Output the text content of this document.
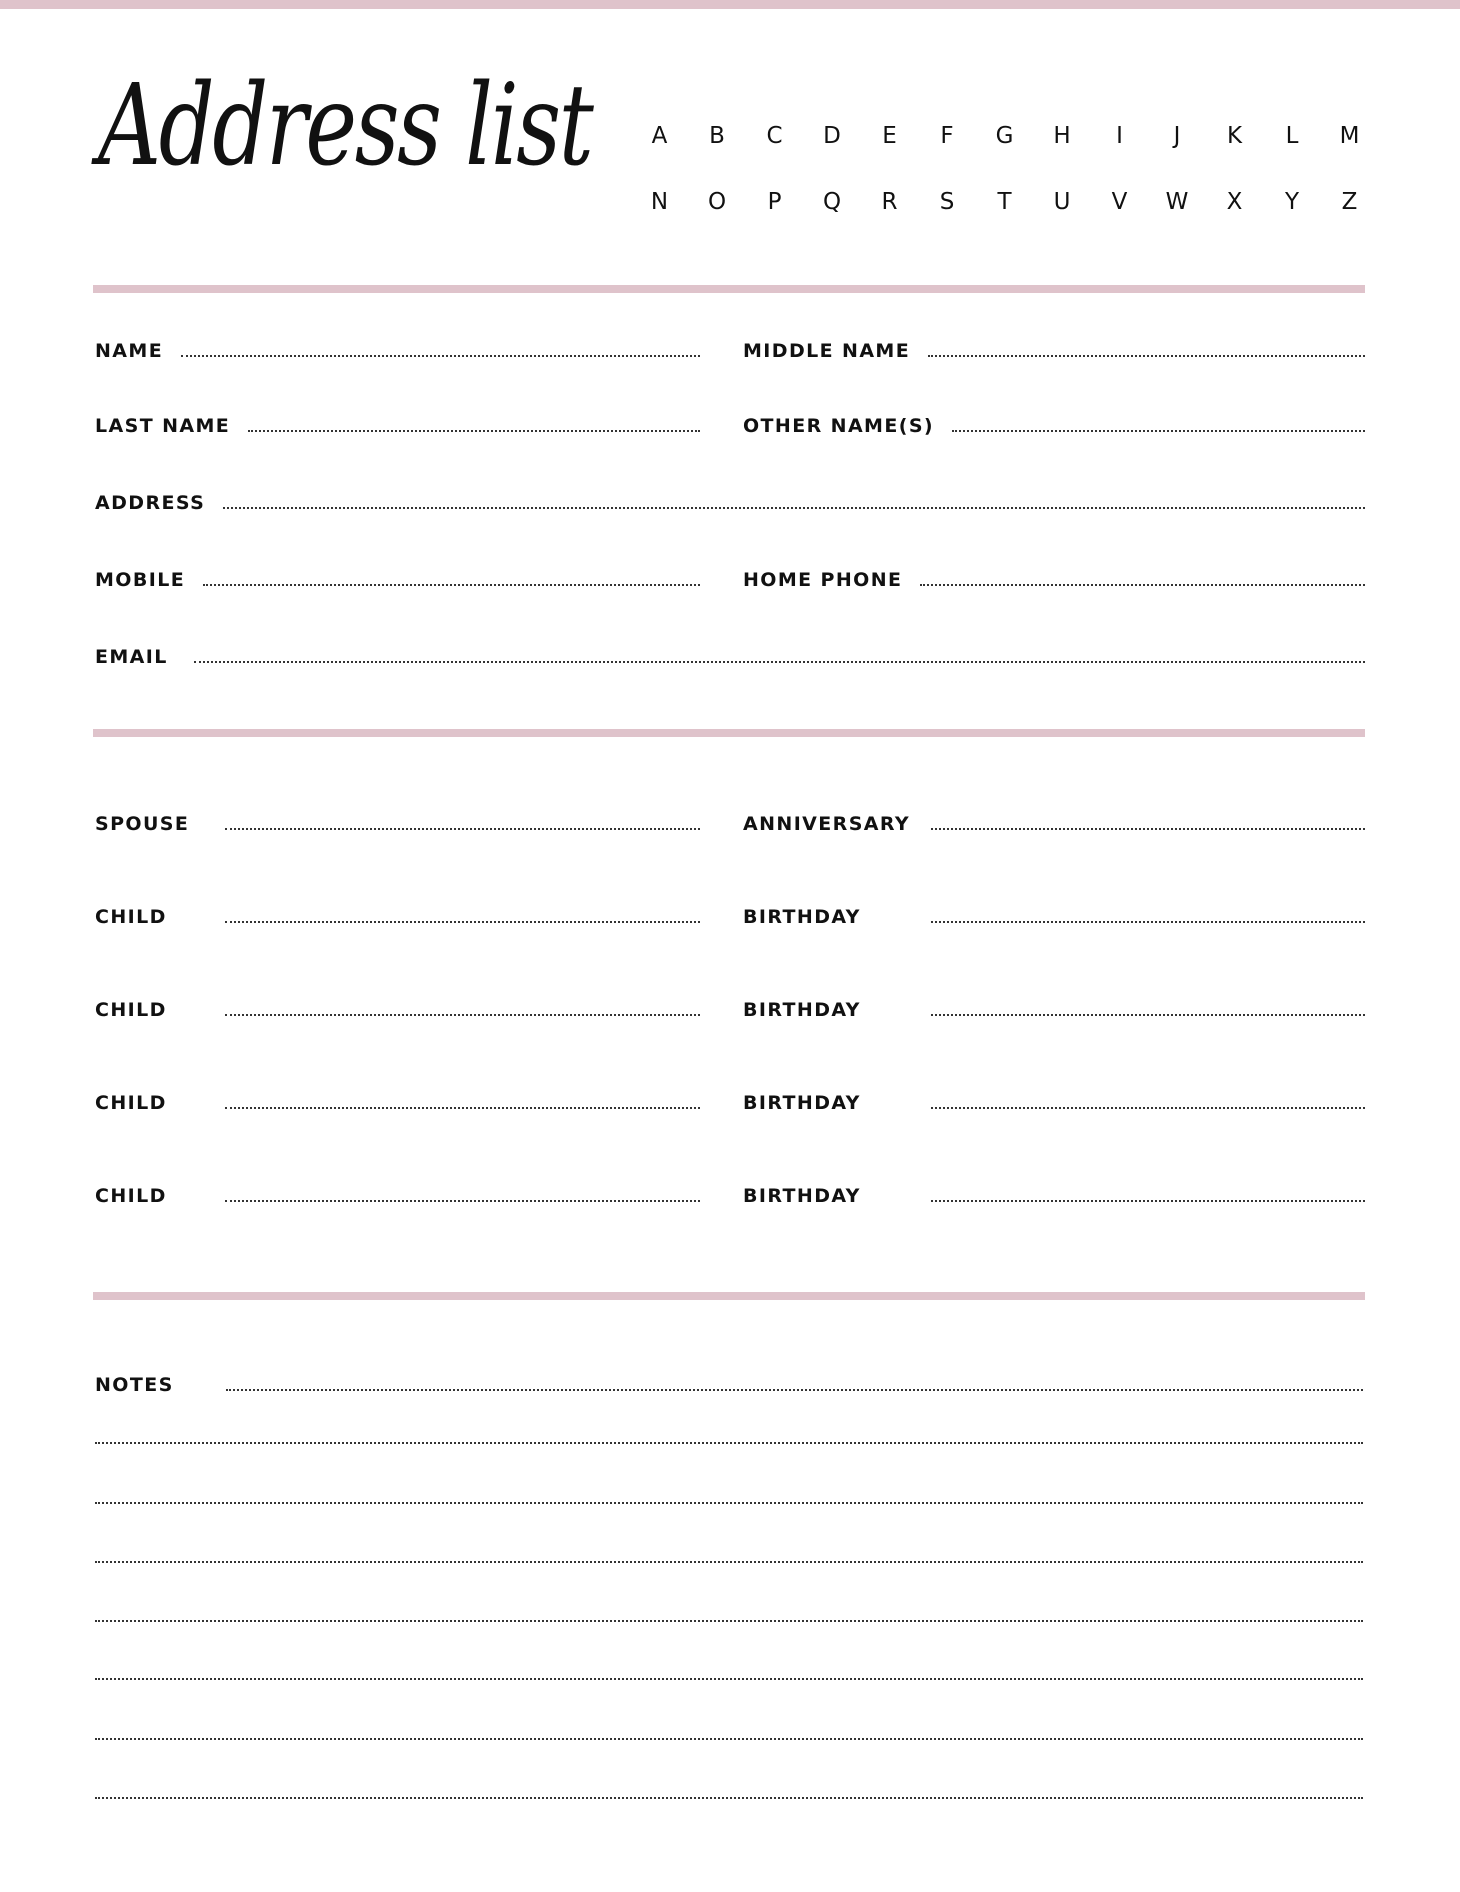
Address list	A	B	C	D	E	F	G	H	I	J	K	L	M
N	O	P	Q	R	S	T	U	V	W	X	Y	Z
NAME	MIDDLE NAME
LAST NAME	OTHER NAME(S)
ADDRESS
MOBILE	HOME PHONE
EMAIL
SPOUSE	ANNIVERSARY
CHILD	BIRTHDAY
CHILD	BIRTHDAY
CHILD	BIRTHDAY
CHILD	BIRTHDAY
NOTES
